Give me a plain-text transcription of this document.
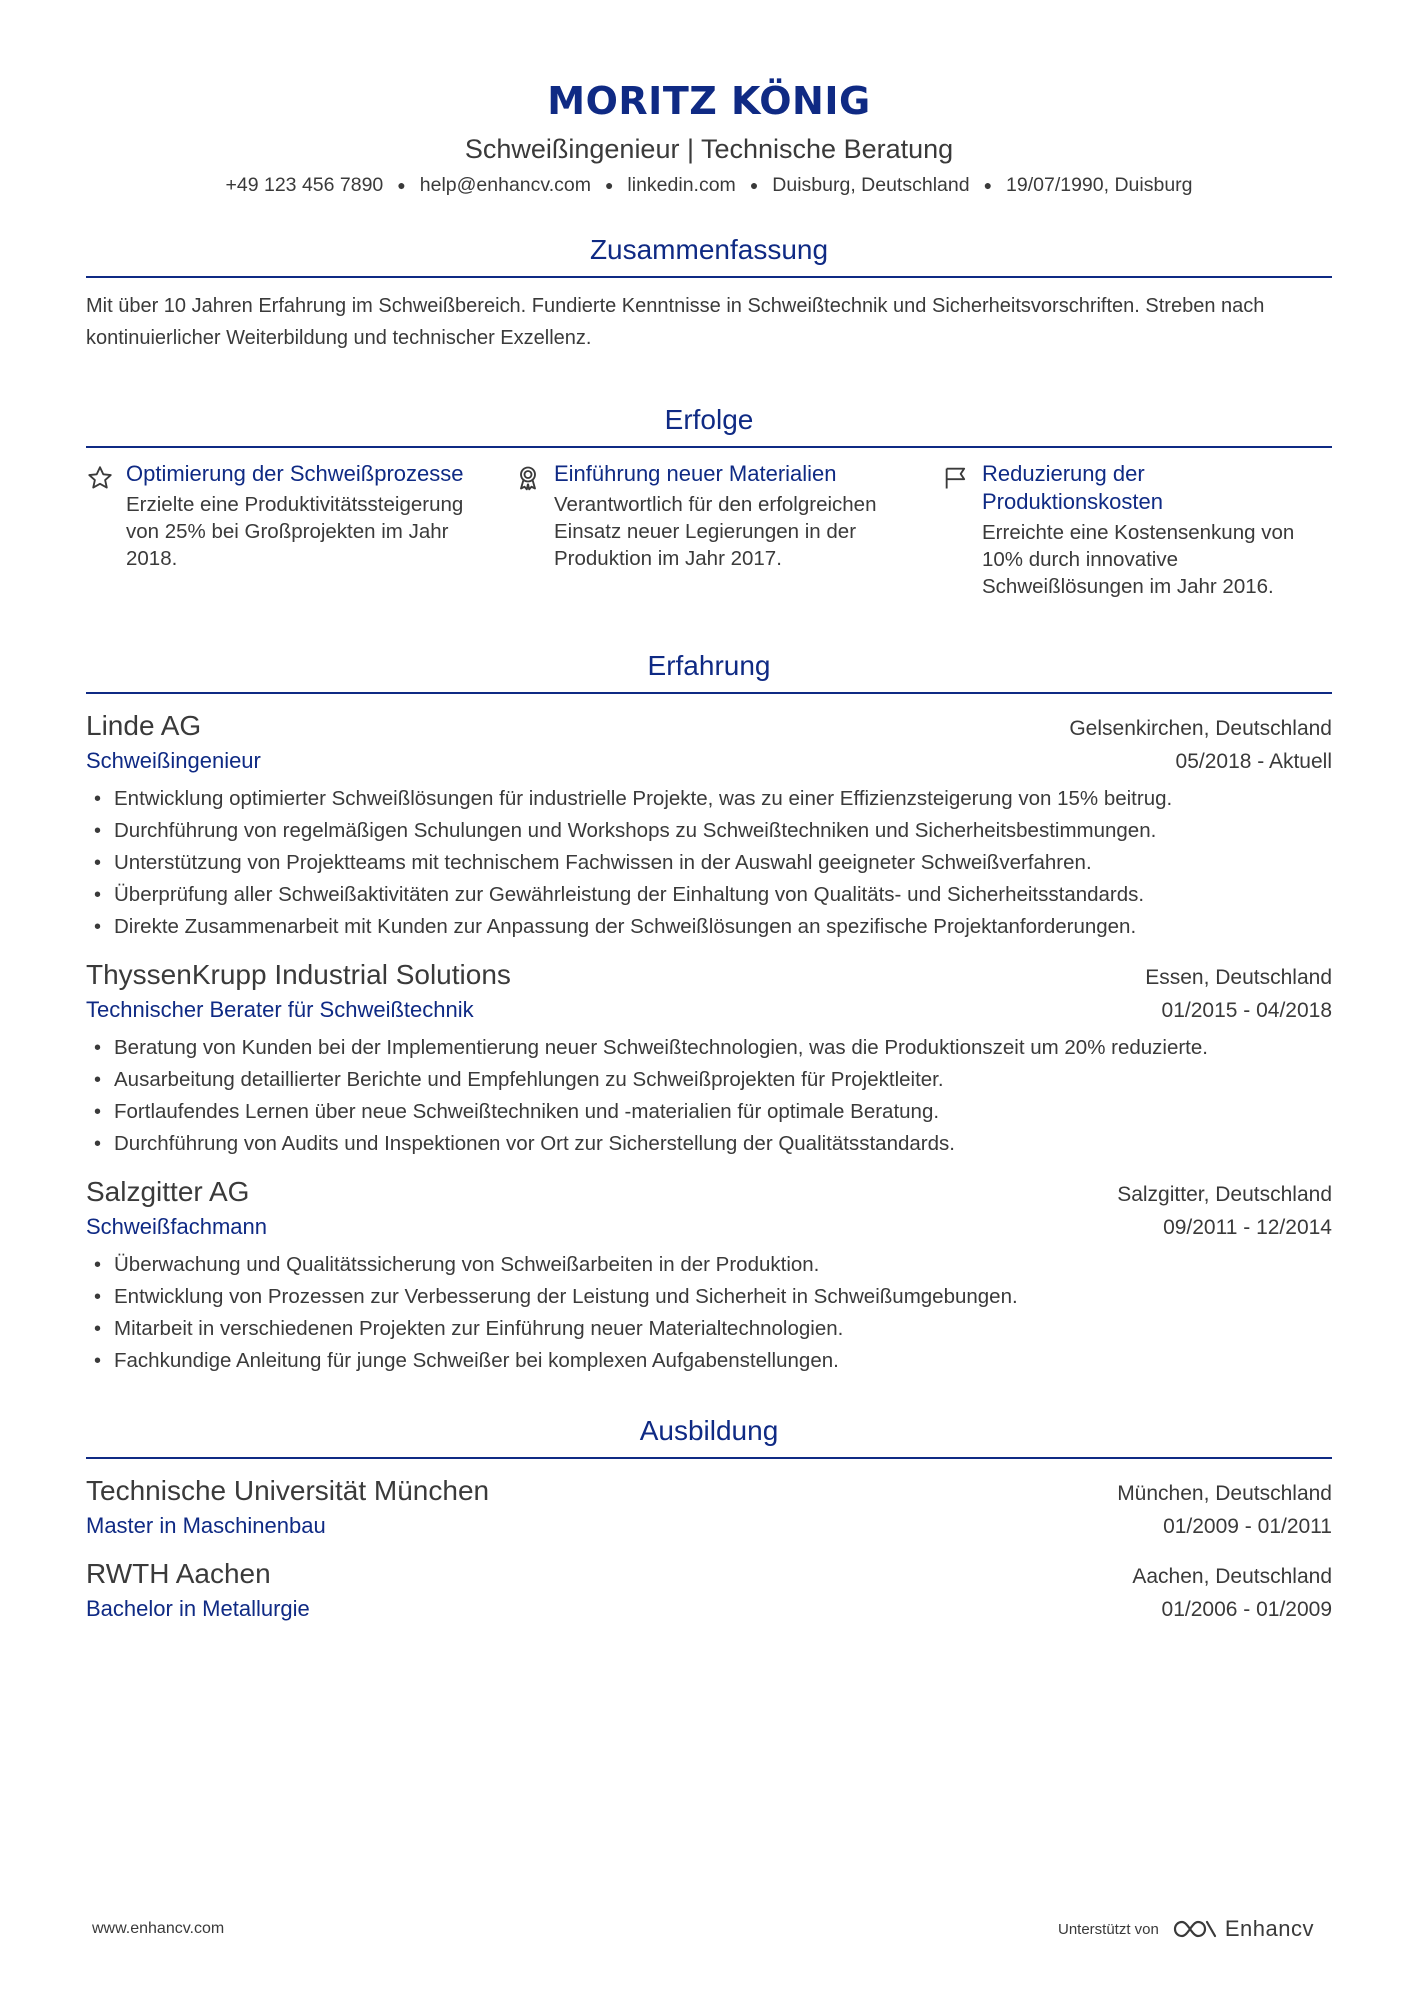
MORITZ KÖNIG
Schweißingenieur | Technische Beratung
+49 123 456 7890 ● help@enhancv.com ● linkedin.com ● Duisburg, Deutschland ● 19/07/1990, Duisburg
Zusammenfassung
Mit über 10 Jahren Erfahrung im Schweißbereich. Fundierte Kenntnisse in Schweißtechnik und Sicherheitsvorschriften. Streben nach kontinuierlicher Weiterbildung und technischer Exzellenz.
Erfolge
Optimierung der Schweißprozesse
Erzielte eine Produktivitätssteigerung von 25% bei Großprojekten im Jahr 2018.
Einführung neuer Materialien
Verantwortlich für den erfolgreichen Einsatz neuer Legierungen in der Produktion im Jahr 2017.
Reduzierung der Produktionskosten
Erreichte eine Kostensenkung von 10% durch innovative Schweißlösungen im Jahr 2016.
Erfahrung
Linde AG	Gelsenkirchen, Deutschland
Schweißingenieur	05/2018 - Aktuell
• Entwicklung optimierter Schweißlösungen für industrielle Projekte, was zu einer Effizienzsteigerung von 15% beitrug.
• Durchführung von regelmäßigen Schulungen und Workshops zu Schweißtechniken und Sicherheitsbestimmungen.
• Unterstützung von Projektteams mit technischem Fachwissen in der Auswahl geeigneter Schweißverfahren.
• Überprüfung aller Schweißaktivitäten zur Gewährleistung der Einhaltung von Qualitäts- und Sicherheitsstandards.
• Direkte Zusammenarbeit mit Kunden zur Anpassung der Schweißlösungen an spezifische Projektanforderungen.
ThyssenKrupp Industrial Solutions	Essen, Deutschland
Technischer Berater für Schweißtechnik	01/2015 - 04/2018
• Beratung von Kunden bei der Implementierung neuer Schweißtechnologien, was die Produktionszeit um 20% reduzierte.
• Ausarbeitung detaillierter Berichte und Empfehlungen zu Schweißprojekten für Projektleiter.
• Fortlaufendes Lernen über neue Schweißtechniken und -materialien für optimale Beratung.
• Durchführung von Audits und Inspektionen vor Ort zur Sicherstellung der Qualitätsstandards.
Salzgitter AG	Salzgitter, Deutschland
Schweißfachmann	09/2011 - 12/2014
• Überwachung und Qualitätssicherung von Schweißarbeiten in der Produktion.
• Entwicklung von Prozessen zur Verbesserung der Leistung und Sicherheit in Schweißumgebungen.
• Mitarbeit in verschiedenen Projekten zur Einführung neuer Materialtechnologien.
• Fachkundige Anleitung für junge Schweißer bei komplexen Aufgabenstellungen.
Ausbildung
Technische Universität München	München, Deutschland
Master in Maschinenbau	01/2009 - 01/2011
RWTH Aachen	Aachen, Deutschland
Bachelor in Metallurgie	01/2006 - 01/2009
www.enhancv.com	Unterstützt von	Enhancv
